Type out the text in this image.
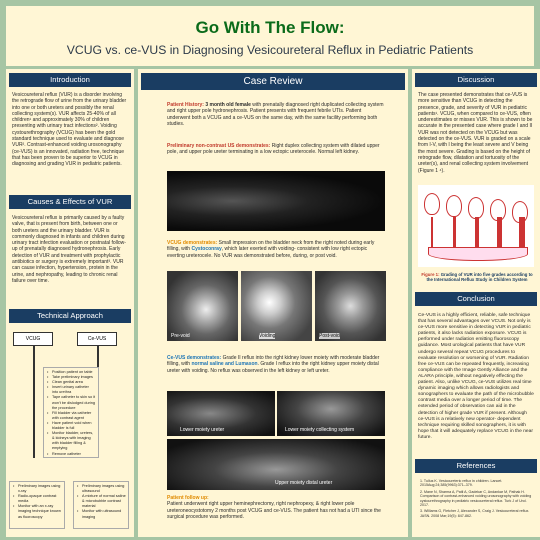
Go With The Flow:
VCUG vs. ce-VUS in Diagnosing Vesicoureteral Reflux in Pediatric Patients
Introduction
Vesicoureteral reflux (VUR) is a disorder involving the retrograde flow of urine from the urinary bladder into one or both ureters and possibly the renal collecting system(s). VUR affects 25-40% of all children¹ and approximately 30% of children presenting with urinary tract infections². Voiding cystourethrography (VCUG) has been the gold standard technique used to evaluate and diagnose VUR². Contrast-enhanced voiding urosonography (ce-VUS) is an innovated, radiation free, technique that has been proven to be superior to VCUG in diagnosing and grading VUR in pediatric patients.
Causes & Effects of VUR
Vesicoureteral reflux is primarily caused by a faulty valve, that is present from birth, between one or both ureters and the urinary bladder. VUR is commonly diagnosed in infants and children during urinary tract infection evaluation or postnatal follow-up of prenatally diagnosed hydronephrosis. Early detection of VUR and treatment with prophylactic antibiotics or surgery is extremely important³. VUR can cause infection, hypertension, protein in the urine, and nephropathy, leading to chronic renal failure over time.
Technical Approach
VCUG	Ce-VUS
• Position patient on table
• Take preliminary images
• Clean genital area
• Insert urinary catheter into urethra
• Tape catheter to skin so it won't be dislodged during the procedure
• Fill bladder via catheter with contrast agent
• Have patient void when bladder is full
• Monitor bladder, ureters, & kidneys with imaging with bladder filling & emptying
• Remove catheter
• Preliminary images using x-ray
• Radio-opaque contrast media
• Monitor with an x-ray imaging technique known as fluoroscopy
• Preliminary images using ultrasound
• A mixture of normal saline & microbubble contrast material
• Monitor with ultrasound imaging
Case Review
Patient History: 3 month old female with prenatally diagnosed right duplicated collecting system and right upper pole hydronephrosis. Patient presents with frequent febrile UTIs. Patient underwent both a VCUG and a ce-VUS on the same day, with the same facility performing both studies.
Preliminary non-contrast US demonstrates: Right duplex collecting system with dilated upper pole, and upper pole ureter terminating in a low ectopic ureterocele. Normal left kidney.
VCUG demonstrates: Small impression on the bladder neck from the right noted during early filling, with Cystoconray, which later exerted with voiding- consistent with low right ectopic everting ureterocele. No VUR was demonstrated before, during, or post void.
Pre-void	Voiding	Post-void
Ce-VUS demonstrates: Grade II reflux into the right kidney lower moiety with moderate bladder filling, with normal saline and Lumason. Grade I reflux into the right kidney upper moiety distal ureter with voiding. No reflux was observed in the left kidney or left ureter.
Lower moiety ureter	Lower moiety collecting system
Upper moiety distal ureter
Patient follow up:
Patient underwent right upper heminephrectomy, right nephropexy, & right lower pole ureteroneocystotomy 2 months post VCUG and ce-VUS. The patient has not had a UTI since the surgical procedure was performed.
Discussion
The case presented demonstrates that ce-VUS is more sensitive than VCUG in detecting the presence, grade, and severity of VUR in pediatric patients¹. VCUG, when compared to ce-VUS, often underestimates or misses VUR. This is shown to be accurate in the presented case where grade I and II VUR was not detected on the VCUG but was detected on the ce-VUS. VUR is graded on a scale from I-V, with I being the least severe and V being the most severe. Grading is based on the height of retrograde flow, dilatation and tortuosity of the ureter(s), and renal collecting system involvement (Figure 1 ⁴).
Figure 1: Grading of VUR into five grades according to the International Reflux Study in Children System
Conclusion
Ce-VUS is a highly efficient, reliable, safe technique that has several advantages over VCUS. Not only is ce-VUS more sensitive in detecting VUR in pediatric patients, it also lacks radiation exposure. VCUG is performed under radiation emitting fluoroscopy guidance. Most urological patients that have VUR undergo several repeat VCUG procedures to evaluate resolution or worsening of VUR. Radiation free ce-VUS can be repeated frequently, increasing compliance with the Image Gently Alliance and the ALARA principle, without negatively effecting the patient. Also, unlike VCUG, ce-VUS utilizes real time dynamic imaging which allows radiologists and sonographers to evaluate the path of the microbubble contrast media over a longer period of time. The extended period of observation can aid in the detection of higher grade VUR if present. Although ce-VUS is a relatively new operator- dependent technique requiring skilled sonographers, it is with hope that it will adequately replace VCUG in the near future.
References
1. Tullus K. Vesicoureteric reflux in children. Lancet. 2015Aug;24;385(9963):371–379.
2. Mane N, Sharma A, Patil A, Gadekar C, Andankar M, Pathak H. Comparison of contrast-enhanced voiding urosonography with voiding cystourethrography in pediatric vesicoureteral reflux. Turk J of Urol. 2017.
3. Williams G, Fletcher J, Alexander S, Craig J. Vesicoureteral reflux. JASN. 2008 Mar;19(5): 847-862.
